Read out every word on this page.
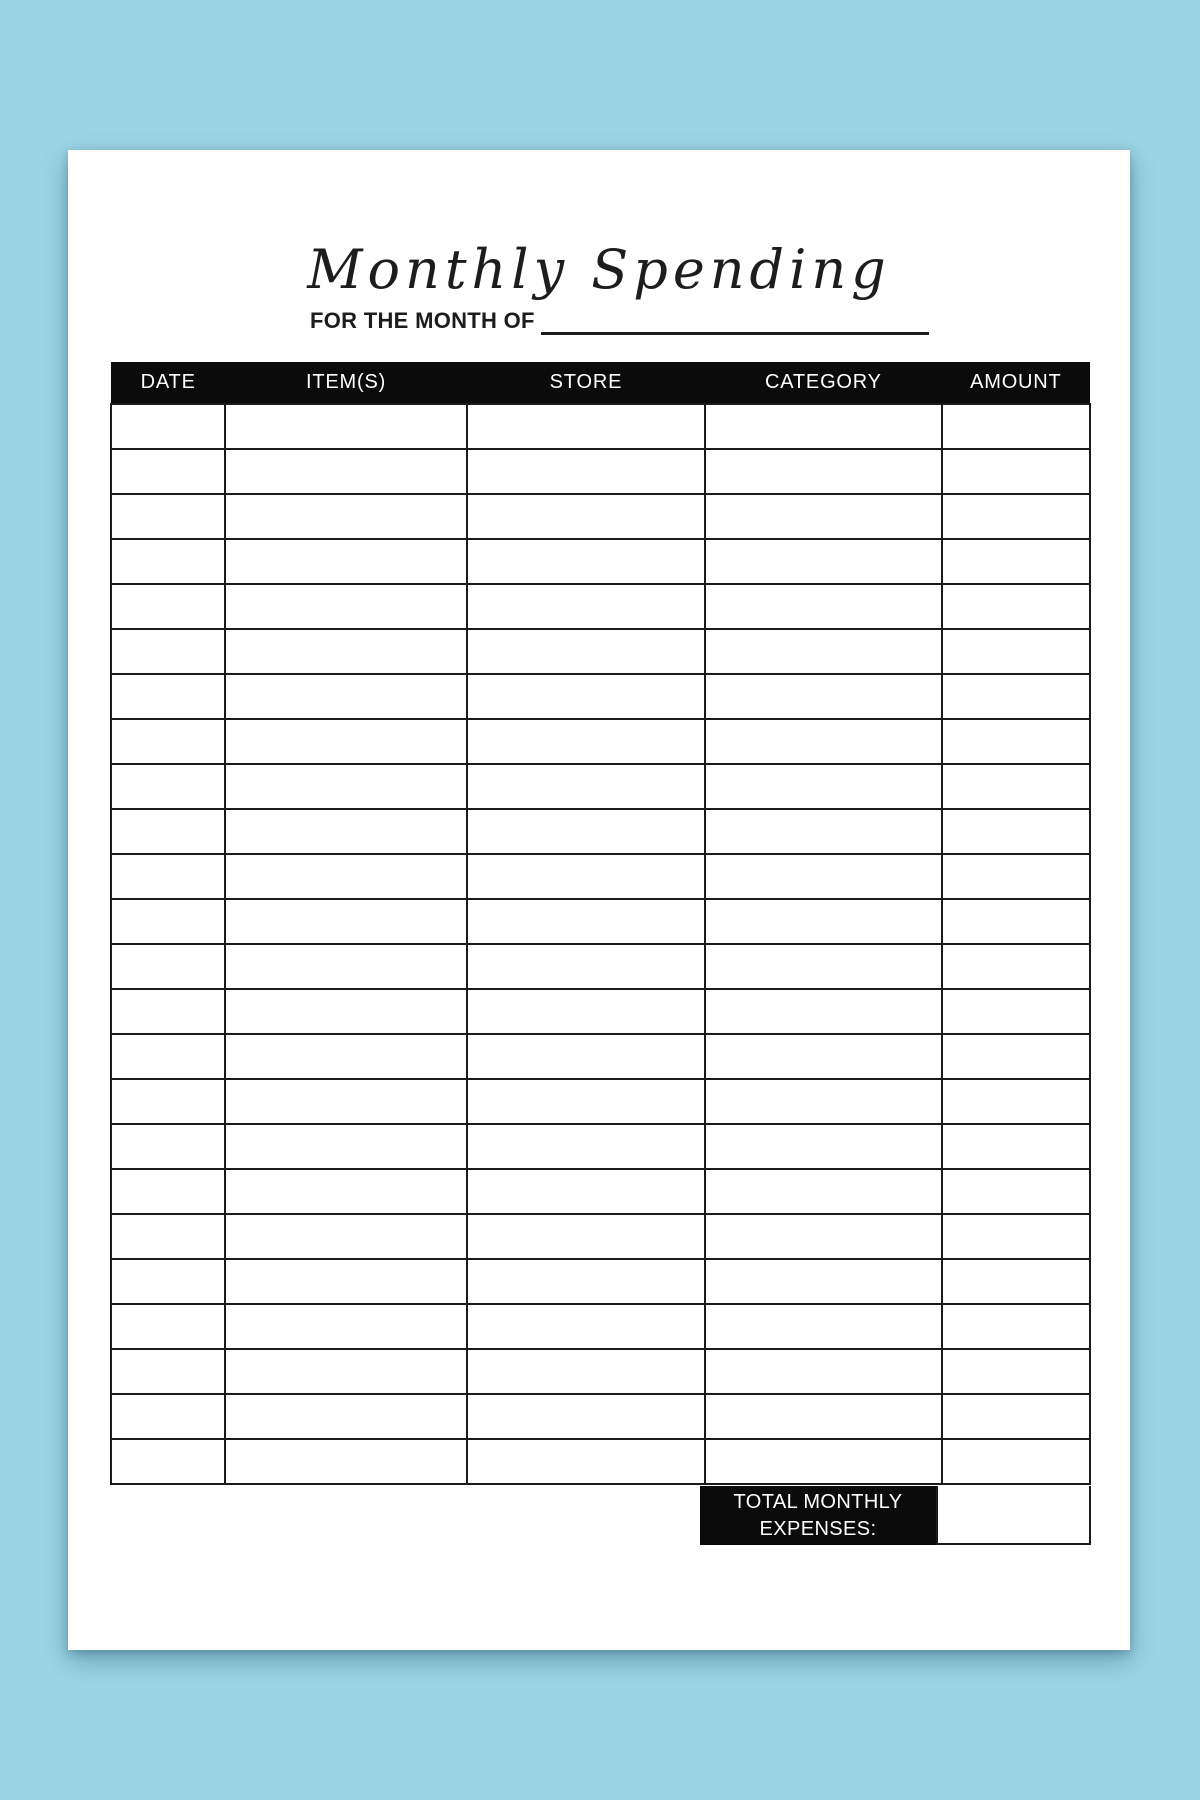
Monthly Spending
FOR THE MONTH OF
DATE	ITEM(S)	STORE	CATEGORY	AMOUNT

TOTAL MONTHLY EXPENSES:
